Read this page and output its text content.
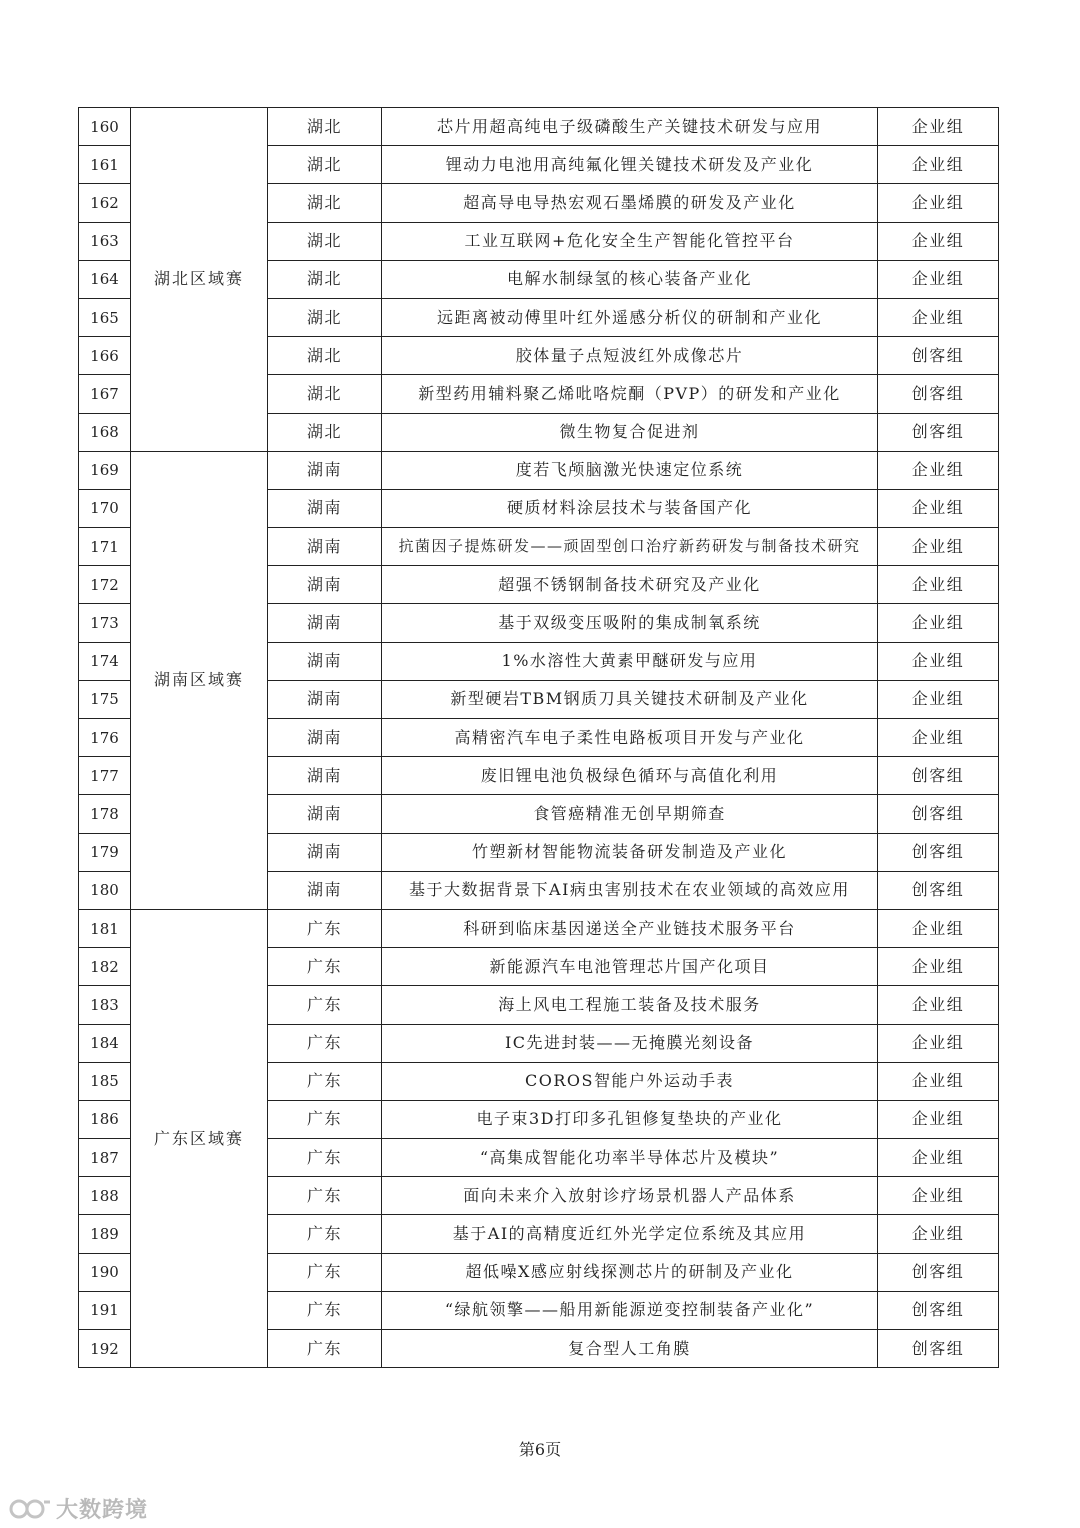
160	湖北区域赛	湖北	芯片用超高纯电子级磷酸生产关键技术研发与应用	企业组
161		湖北	锂动力电池用高纯氟化锂关键技术研发及产业化	企业组
162		湖北	超高导电导热宏观石墨烯膜的研发及产业化	企业组
163		湖北	工业互联网+危化安全生产智能化管控平台	企业组
164		湖北	电解水制绿氢的核心装备产业化	企业组
165		湖北	远距离被动傅里叶红外遥感分析仪的研制和产业化	企业组
166		湖北	胶体量子点短波红外成像芯片	创客组
167		湖北	新型药用辅料聚乙烯吡咯烷酮（PVP）的研发和产业化	创客组
168		湖北	微生物复合促进剂	创客组
169	湖南区域赛	湖南	度若飞颅脑激光快速定位系统	企业组
170		湖南	硬质材料涂层技术与装备国产化	企业组
171		湖南	抗菌因子提炼研发——顽固型创口治疗新药研发与制备技术研究	企业组
172		湖南	超强不锈钢制备技术研究及产业化	企业组
173		湖南	基于双级变压吸附的集成制氧系统	企业组
174		湖南	1%水溶性大黄素甲醚研发与应用	企业组
175		湖南	新型硬岩TBM钢质刀具关键技术研制及产业化	企业组
176		湖南	高精密汽车电子柔性电路板项目开发与产业化	企业组
177		湖南	废旧锂电池负极绿色循环与高值化利用	创客组
178		湖南	食管癌精准无创早期筛查	创客组
179		湖南	竹塑新材智能物流装备研发制造及产业化	创客组
180		湖南	基于大数据背景下AI病虫害别技术在农业领域的高效应用	创客组
181	广东区域赛	广东	科研到临床基因递送全产业链技术服务平台	企业组
182		广东	新能源汽车电池管理芯片国产化项目	企业组
183		广东	海上风电工程施工装备及技术服务	企业组
184		广东	IC先进封装——无掩膜光刻设备	企业组
185		广东	COROS智能户外运动手表	企业组
186		广东	电子束3D打印多孔钽修复垫块的产业化	企业组
187		广东	“高集成智能化功率半导体芯片及模块”	企业组
188		广东	面向未来介入放射诊疗场景机器人产品体系	企业组
189		广东	基于AI的高精度近红外光学定位系统及其应用	企业组
190		广东	超低噪X感应射线探测芯片的研制及产业化	创客组
191		广东	“绿航领擎——船用新能源逆变控制装备产业化”	创客组
192		广东	复合型人工角膜	创客组
第6页
大数跨境
